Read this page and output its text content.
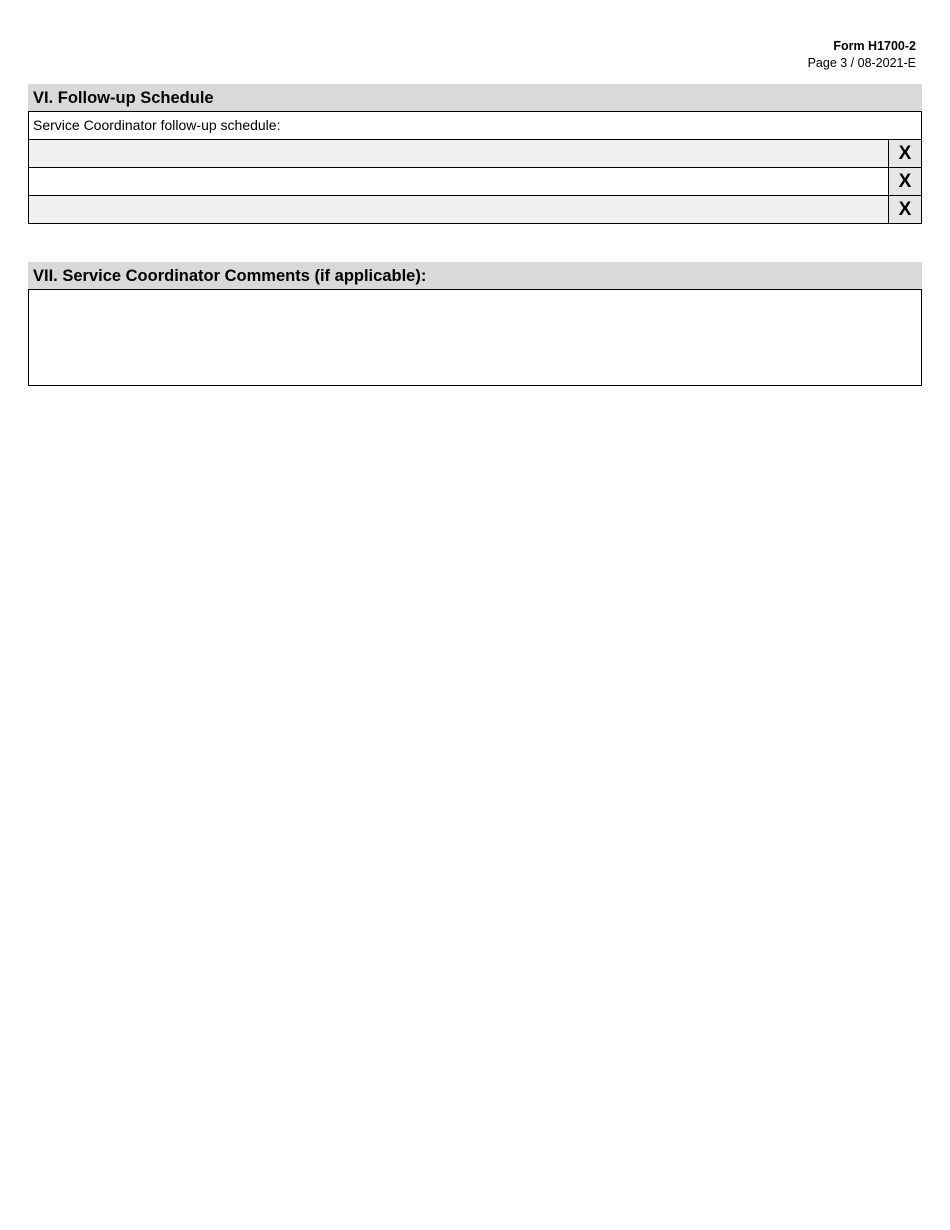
Form H1700-2
Page 3 / 08-2021-E
VI. Follow-up Schedule
Service Coordinator follow-up schedule:
X
X
X
VII. Service Coordinator Comments (if applicable):
